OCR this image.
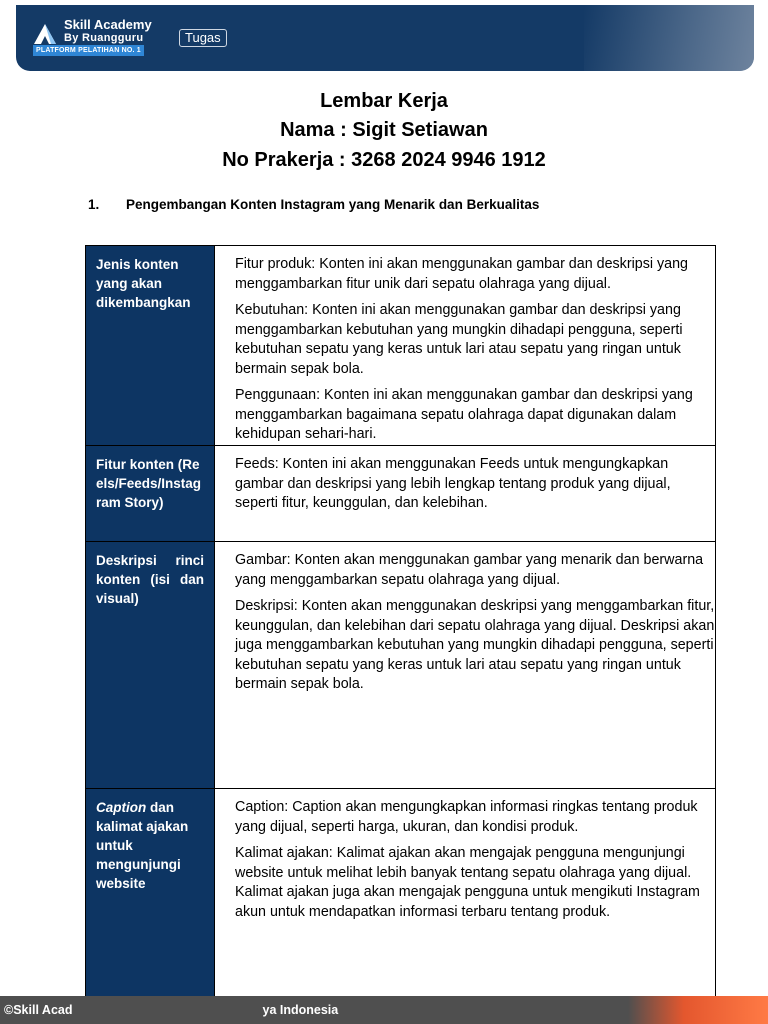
Skill Academy
By Ruangguru
PLATFORM PELATIHAN NO. 1
Tugas
Lembar Kerja
Nama : Sigit Setiawan
No Prakerja : 3268 2024 9946 1912
1. Pengembangan Konten Instagram yang Menarik dan Berkualitas
Jenis konten yang akan dikembangkan

Fitur produk: Konten ini akan menggunakan gambar dan deskripsi yang menggambarkan fitur unik dari sepatu olahraga yang dijual.

Kebutuhan: Konten ini akan menggunakan gambar dan deskripsi yang menggambarkan kebutuhan yang mungkin dihadapi pengguna, seperti kebutuhan sepatu yang keras untuk lari atau sepatu yang ringan untuk bermain sepak bola.

Penggunaan: Konten ini akan menggunakan gambar dan deskripsi yang menggambarkan bagaimana sepatu olahraga dapat digunakan dalam kehidupan sehari-hari.

Fitur konten (Reels/Feeds/Instagram Story)

Feeds: Konten ini akan menggunakan Feeds untuk mengungkapkan gambar dan deskripsi yang lebih lengkap tentang produk yang dijual, seperti fitur, keunggulan, dan kelebihan.

Deskripsi rinci konten (isi dan visual)

Gambar: Konten akan menggunakan gambar yang menarik dan berwarna yang menggambarkan sepatu olahraga yang dijual.

Deskripsi: Konten akan menggunakan deskripsi yang menggambarkan fitur, keunggulan, dan kelebihan dari sepatu olahraga yang dijual. Deskripsi akan juga menggambarkan kebutuhan yang mungkin dihadapi pengguna, seperti kebutuhan sepatu yang keras untuk lari atau sepatu yang ringan untuk bermain sepak bola.

Caption dan kalimat ajakan untuk mengunjungi website

Caption: Caption akan mengungkapkan informasi ringkas tentang produk yang dijual, seperti harga, ukuran, dan kondisi produk.

Kalimat ajakan: Kalimat ajakan akan mengajak pengguna mengunjungi website untuk melihat lebih banyak tentang sepatu olahraga yang dijual. Kalimat ajakan juga akan mengajak pengguna untuk mengikuti Instagram akun untuk mendapatkan informasi terbaru tentang produk.

©Skill Acad	ya Indonesia
